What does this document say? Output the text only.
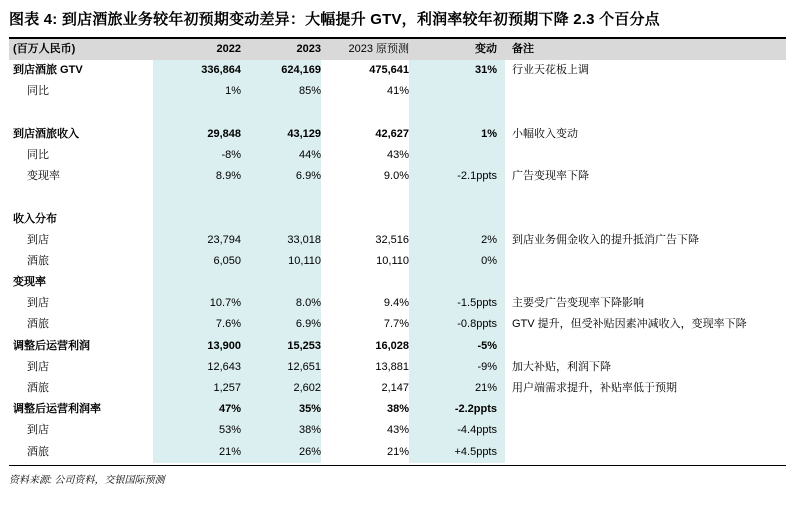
图表 4: 到店酒旅业务较年初预期变动差异：大幅提升 GTV，利润率较年初预期下降 2.3 个百分点
(百万人民币)	2022	2023	2023 原预测	变动 备注
到店酒旅 GTV	336,864	624,169	475,641	31% 行业天花板上调
同比	1%	85%	41%
到店酒旅收入	29,848	43,129	42,627	1% 小幅收入变动
同比	-8%	44%	43%
变现率	8.9%	6.9%	9.0%	-2.1ppts 广告变现率下降
收入分布
到店	23,794	33,018	32,516	2% 到店业务佣金收入的提升抵消广告下降
酒旅	6,050	10,110	10,110	0%
变现率
到店	10.7%	8.0%	9.4%	-1.5ppts 主要受广告变现率下降影响
酒旅	7.6%	6.9%	7.7%	-0.8ppts GTV 提升，但受补贴因素冲减收入，变现率下降
调整后运营利润	13,900	15,253	16,028	-5%
到店	12,643	12,651	13,881	-9% 加大补贴，利润下降
酒旅	1,257	2,602	2,147	21% 用户端需求提升，补贴率低于预期
调整后运营利润率	47%	35%	38%	-2.2ppts
到店	53%	38%	43%	-4.4ppts
酒旅	21%	26%	21%	+4.5ppts
资料来源: 公司资料，交银国际预测
